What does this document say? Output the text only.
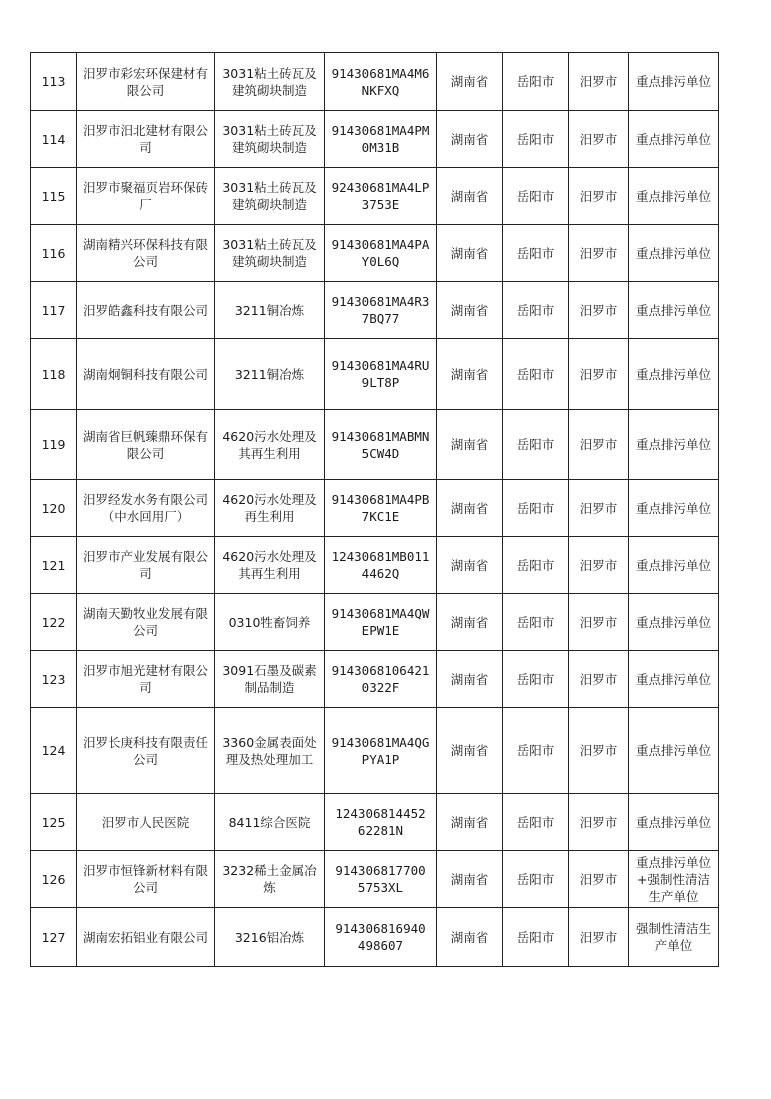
113	汨罗市彩宏环保建材有限公司	3031粘土砖瓦及建筑砌块制造	91430681MA4M6NKFXQ	湖南省	岳阳市	汨罗市	重点排污单位
114	汨罗市汨北建材有限公司	3031粘土砖瓦及建筑砌块制造	91430681MA4PM0M31B	湖南省	岳阳市	汨罗市	重点排污单位
115	汨罗市聚福页岩环保砖厂	3031粘土砖瓦及建筑砌块制造	92430681MA4LP3753E	湖南省	岳阳市	汨罗市	重点排污单位
116	湖南精兴环保科技有限公司	3031粘土砖瓦及建筑砌块制造	91430681MA4PAY0L6Q	湖南省	岳阳市	汨罗市	重点排污单位
117	汨罗皓鑫科技有限公司	3211铜冶炼	91430681MA4R37BQ77	湖南省	岳阳市	汨罗市	重点排污单位
118	湖南炯铜科技有限公司	3211铜冶炼	91430681MA4RU9LT8P	湖南省	岳阳市	汨罗市	重点排污单位
119	湖南省巨帆臻鼎环保有限公司	4620污水处理及其再生利用	91430681MABMN5CW4D	湖南省	岳阳市	汨罗市	重点排污单位
120	汨罗经发水务有限公司（中水回用厂）	4620污水处理及再生利用	91430681MA4PB7KC1E	湖南省	岳阳市	汨罗市	重点排污单位
121	汨罗市产业发展有限公司	4620污水处理及其再生利用	12430681MB0114462Q	湖南省	岳阳市	汨罗市	重点排污单位
122	湖南天勤牧业发展有限公司	0310牲畜饲养	91430681MA4QWEPW1E	湖南省	岳阳市	汨罗市	重点排污单位
123	汨罗市旭光建材有限公司	3091石墨及碳素制品制造	91430681064210322F	湖南省	岳阳市	汨罗市	重点排污单位
124	汨罗长庚科技有限责任公司	3360金属表面处理及热处理加工	91430681MA4QGPYA1P	湖南省	岳阳市	汨罗市	重点排污单位
125	汨罗市人民医院	8411综合医院	124306814452 62281N	湖南省	岳阳市	汨罗市	重点排污单位
126	汨罗市恒锋新材料有限公司	3232稀土金属冶炼	914306817700 5753XL	湖南省	岳阳市	汨罗市	重点排污单位+强制性清洁生产单位
127	湖南宏拓铝业有限公司	3216铝冶炼	914306816940 498607	湖南省	岳阳市	汨罗市	强制性清洁生产单位
